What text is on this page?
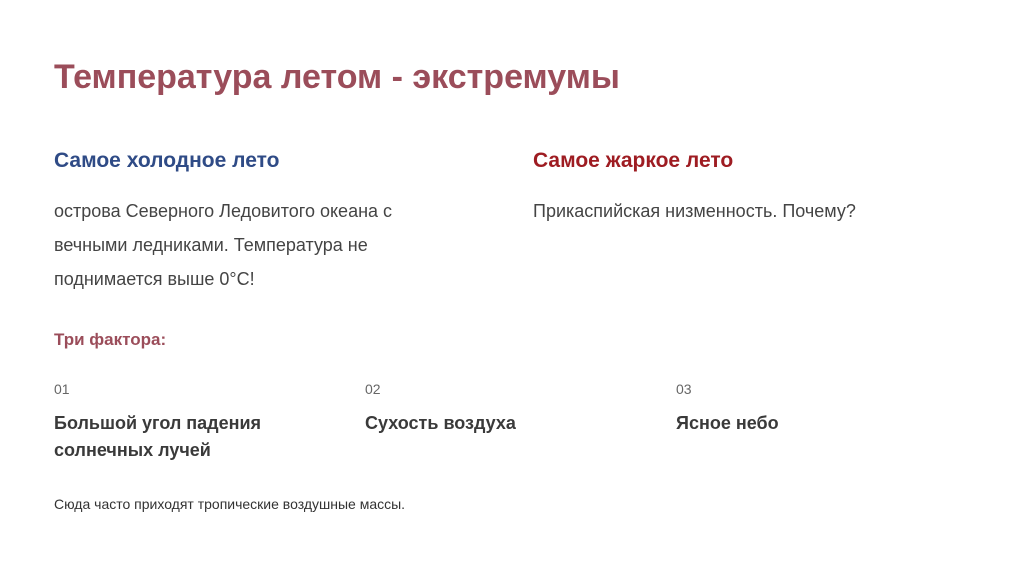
Температура летом - экстремумы
Самое холодное лето
острова Северного Ледовитого океана с вечными ледниками. Температура не поднимается выше 0°С!
Самое жаркое лето
Прикаспийская низменность. Почему?
Три фактора:
01
Большой угол падения солнечных лучей
02
Сухость воздуха
03
Ясное небо
Сюда часто приходят тропические воздушные массы.
